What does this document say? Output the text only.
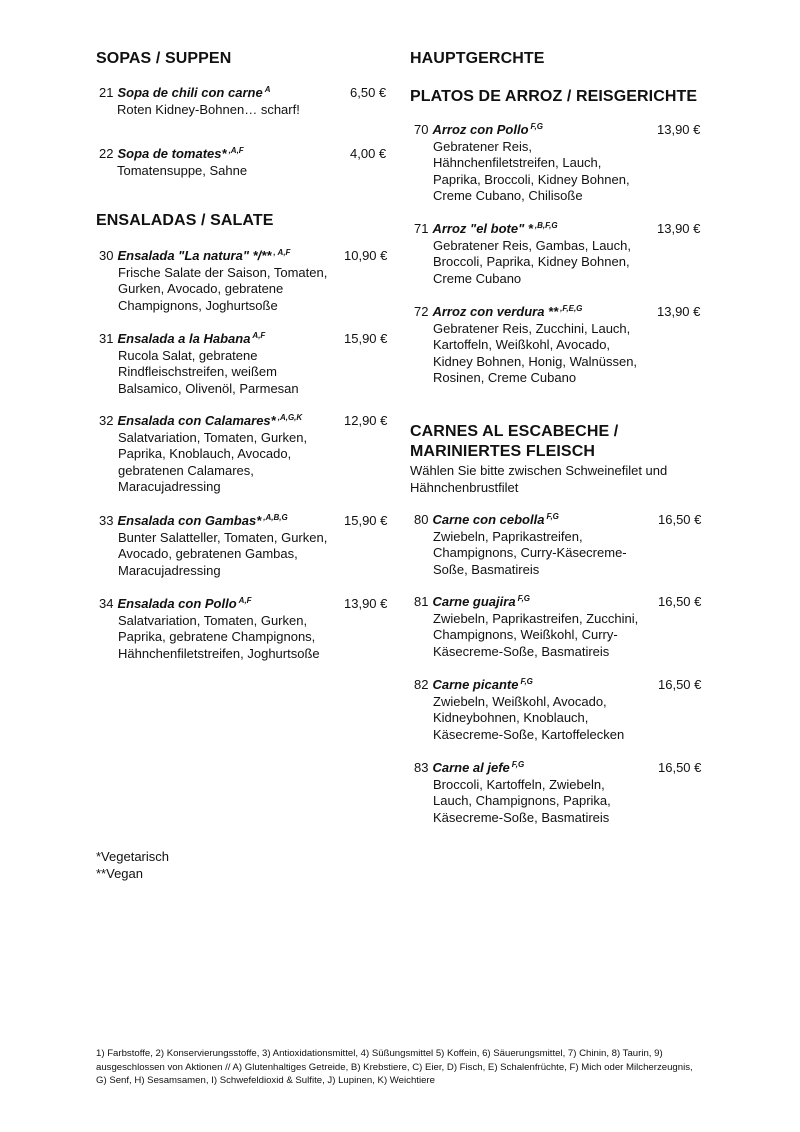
SOPAS / SUPPEN
21 Sopa de chili con carne $^A$	6,50 €
Roten Kidney-Bohnen… scharf!
22 Sopa de tomates* $^{,A,F}$	4,00 €
Tomatensuppe, Sahne
ENSALADAS / SALATE
30 Ensalada "La natura" */** $^{, A,F}$	10,90 €
Frische Salate der Saison, Tomaten,
Gurken, Avocado, gebratene
Champignons, Joghurtsoße
31 Ensalada a la Habana $^{A,F}$	15,90 €
Rucola Salat, gebratene
Rindfleischstreifen, weißem
Balsamico, Olivenöl, Parmesan
32 Ensalada con Calamares* $^{,A,G,K}$	12,90 €
Salatvariation, Tomaten, Gurken,
Paprika, Knoblauch, Avocado,
gebratenen Calamares,
Maracujadressing
33 Ensalada con Gambas* $^{,A,B,G}$	15,90 €
Bunter Salatteller, Tomaten, Gurken,
Avocado, gebratenen Gambas,
Maracujadressing
34 Ensalada con Pollo $^{A,F}$	13,90 €
Salatvariation, Tomaten, Gurken,
Paprika, gebratene Champignons,
Hähnchenfiletstreifen, Joghurtsoße
*Vegetarisch
**Vegan
HAUPTGERCHTE
PLATOS DE ARROZ / REISGERICHTE
70 Arroz con Pollo $^{F,G}$	13,90 €
Gebratener Reis,
Hähnchenfiletstreifen, Lauch,
Paprika, Broccoli, Kidney Bohnen,
Creme Cubano, Chilisoße
71 Arroz "el bote" * $^{,B,F,G}$	13,90 €
Gebratener Reis, Gambas, Lauch,
Broccoli, Paprika, Kidney Bohnen,
Creme Cubano
72 Arroz con verdura ** $^{,F,E,G}$	13,90 €
Gebratener Reis, Zucchini, Lauch,
Kartoffeln, Weißkohl, Avocado,
Kidney Bohnen, Honig, Walnüssen,
Rosinen, Creme Cubano
CARNES AL ESCABECHE /
MARINIERTES FLEISCH
Wählen Sie bitte zwischen Schweinefilet und
Hähnchenbrustfilet
80 Carne con cebolla $^{F,G}$	16,50 €
Zwiebeln, Paprikastreifen,
Champignons, Curry-Käsecreme-
Soße, Basmatireis
81 Carne guajira $^{F,G}$	16,50 €
Zwiebeln, Paprikastreifen, Zucchini,
Champignons, Weißkohl, Curry-
Käsecreme-Soße, Basmatireis
82 Carne picante $^{F,G}$	16,50 €
Zwiebeln, Weißkohl, Avocado,
Kidneybohnen, Knoblauch,
Käsecreme-Soße, Kartoffelecken
83 Carne al jefe $^{F,G}$	16,50 €
Broccoli, Kartoffeln, Zwiebeln,
Lauch, Champignons, Paprika,
Käsecreme-Soße, Basmatireis
1) Farbstoffe, 2) Konservierungsstoffe, 3) Antioxidationsmittel, 4) Süßungsmittel 5) Koffein, 6) Säuerungsmittel, 7) Chinin, 8) Taurin, 9)
ausgeschlossen von Aktionen // A) Glutenhaltiges Getreide, B) Krebstiere, C) Eier, D) Fisch, E) Schalenfrüchte, F) Mich oder Milcherzeugnis,
G) Senf, H) Sesamsamen, I) Schwefeldioxid & Sulfite, J) Lupinen, K) Weichtiere
